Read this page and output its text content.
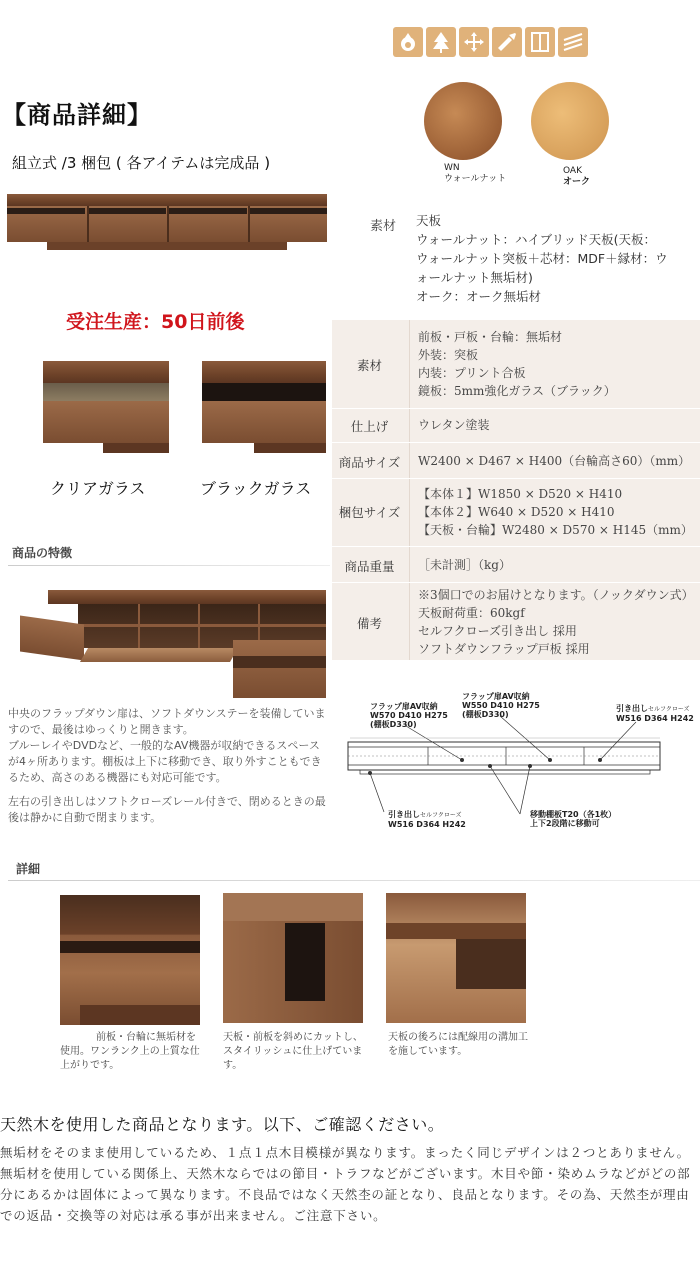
【商品詳細】
組立式 /3 梱包 ( 各アイテムは完成品 )	WN
ウォールナット
OAK
オーク
受注生産：50日前後
クリアガラス	ブラックガラス
素材 天板
ウォールナット：ハイブリッド天板(天板：
ウォールナット突板＋芯材：MDF＋縁材：ウ
ォールナット無垢材)
オーク：オーク無垢材
素材
前板・戸板・台輪：無垢材
外装：突板
内装：プリント合板
鏡板：5mm強化ガラス（ブラック）
仕上げ	ウレタン塗装
商品サイズ	W2400 × D467 × H400（台輪高さ60）（mm）
梱包サイズ
【本体１】W1850 × D520 × H410
【本体２】W640 × D520 × H410
【天板・台輪】W2480 × D570 × H145（mm）
商品重量	［未計測］（kg）
備考
※3個口でのお届けとなります。（ノックダウン式）
天板耐荷重：60kgf
セルフクローズ引き出し 採用
ソフトダウンフラップ戸板 採用
商品の特徴
中央のフラップダウン扉は、ソフトダウンステーを装備していますので、最後はゆっくりと開きます。
ブルーレイやDVDなど、一般的なAV機器が収納できるスペースが4ヶ所あります。棚板は上下に移動でき、取り外すこともできるため、高さのある機器にも対応可能です。
左右の引き出しはソフトクローズレール付きで、閉めるときの最後は静かに自動で閉まります。
フラップ扉AV収納
W570 D410 H275
(棚板D330)
フラップ扉AV収納
W550 D410 H275
(棚板D330)
引き出しセルフクローズ
W516 D364 H242
引き出しセルフクローズ
W516 D364 H242
移動棚板T20（各1枚）
上下2段階に移動可
詳細
前板・台輪に無垢材を使用。ワンランク上の上質な仕上がりです。
天板・前板を斜めにカットし、スタイリッシュに仕上げています。
天板の後ろには配線用の溝加工を施しています。
天然木を使用した商品となります。以下、ご確認ください。
無垢材をそのまま使用しているため、１点１点木目模様が異なります。まったく同じデザインは２つとありません。無垢材を使用している関係上、天然木ならではの節目・トラフなどがございます。木目や節・染めムラなどがどの部分にあるかは固体によって異なります。不良品ではなく天然杢の証となり、良品となります。その為、天然杢が理由での返品・交換等の対応は承る事が出来ません。ご注意下さい。
